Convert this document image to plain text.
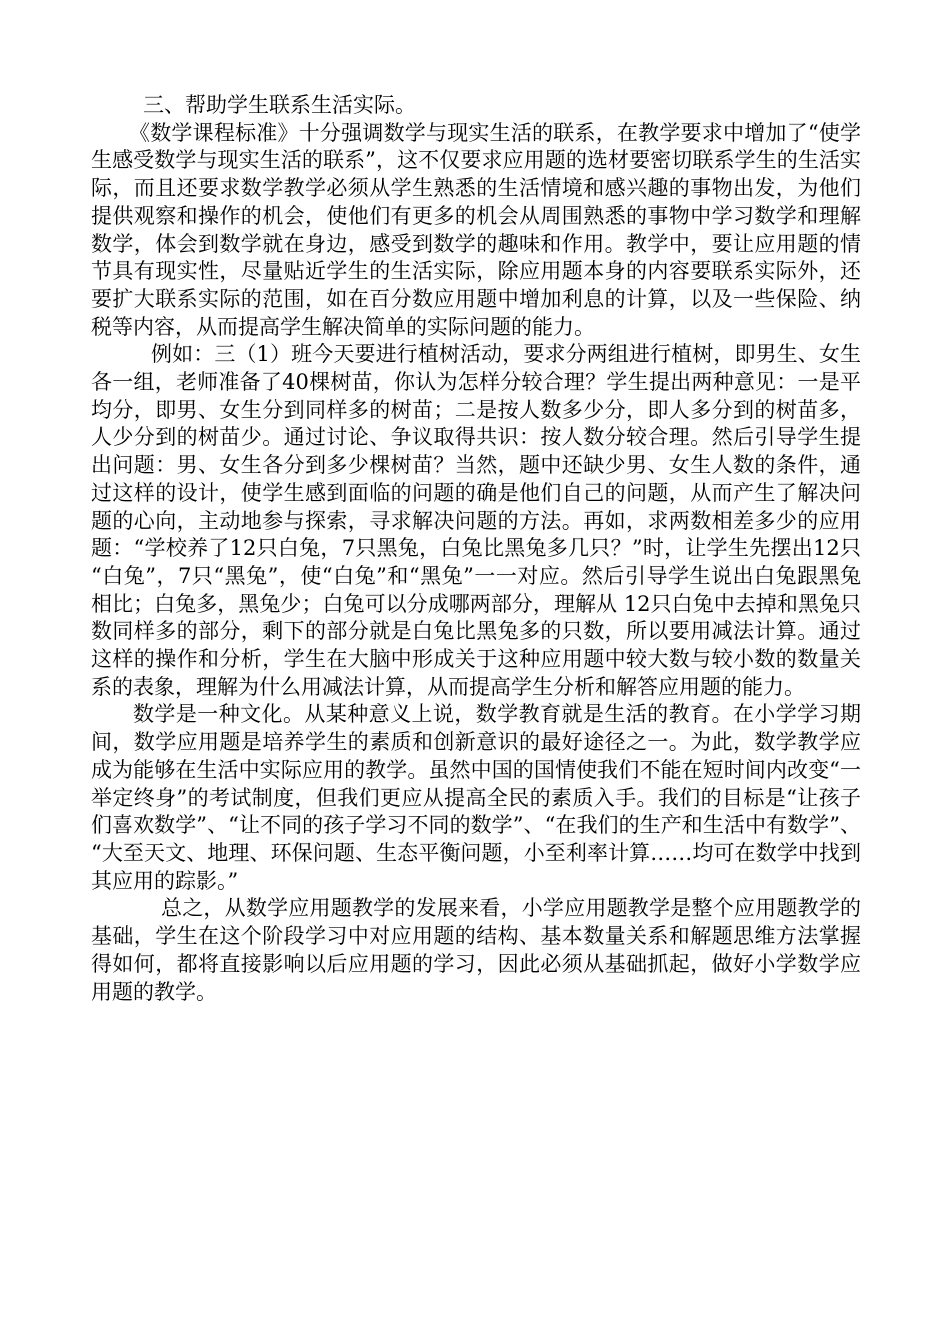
三、帮助学生联系生活实际。

《数学课程标准》十分强调数学与现实生活的联系，在教学要求中增加了“使学生感受数学与现实生活的联系”，这不仅要求应用题的选材要密切联系学生的生活实际，而且还要求数学教学必须从学生熟悉的生活情境和感兴趣的事物出发，为他们提供观察和操作的机会，使他们有更多的机会从周围熟悉的事物中学习数学和理解数学，体会到数学就在身边，感受到数学的趣味和作用。教学中，要让应用题的情节具有现实性，尽量贴近学生的生活实际，除应用题本身的内容要联系实际外，还要扩大联系实际的范围，如在百分数应用题中增加利息的计算，以及一些保险、纳税等内容，从而提高学生解决简单的实际问题的能力。

例如：三（1）班今天要进行植树活动，要求分两组进行植树，即男生、女生各一组，老师准备了40棵树苗，你认为怎样分较合理？学生提出两种意见：一是平均分，即男、女生分到同样多的树苗；二是按人数多少分，即人多分到的树苗多，人少分到的树苗少。通过讨论、争议取得共识：按人数分较合理。然后引导学生提出问题：男、女生各分到多少棵树苗？当然，题中还缺少男、女生人数的条件，通过这样的设计，使学生感到面临的问题的确是他们自己的问题，从而产生了解决问题的心向，主动地参与探索，寻求解决问题的方法。再如，求两数相差多少的应用题：“学校养了12只白兔，7只黑兔，白兔比黑兔多几只？”时，让学生先摆出12只“白兔”，7只“黑兔”，使“白兔”和“黑兔”一一对应。然后引导学生说出白兔跟黑兔相比；白兔多，黑兔少；白兔可以分成哪两部分，理解从 12只白兔中去掉和黑兔只数同样多的部分，剩下的部分就是白兔比黑兔多的只数，所以要用减法计算。通过这样的操作和分析，学生在大脑中形成关于这种应用题中较大数与较小数的数量关系的表象，理解为什么用减法计算，从而提高学生分析和解答应用题的能力。

数学是一种文化。从某种意义上说，数学教育就是生活的教育。在小学学习期间，数学应用题是培养学生的素质和创新意识的最好途径之一。为此，数学教学应成为能够在生活中实际应用的教学。虽然中国的国情使我们不能在短时间内改变“一举定终身”的考试制度，但我们更应从提高全民的素质入手。我们的目标是“让孩子们喜欢数学”、“让不同的孩子学习不同的数学”、“在我们的生产和生活中有数学”、“大至天文、地理、环保问题、生态平衡问题，小至利率计算……均可在数学中找到其应用的踪影。”

总之，从数学应用题教学的发展来看，小学应用题教学是整个应用题教学的基础，学生在这个阶段学习中对应用题的结构、基本数量关系和解题思维方法掌握得如何，都将直接影响以后应用题的学习，因此必须从基础抓起，做好小学数学应用题的教学。
